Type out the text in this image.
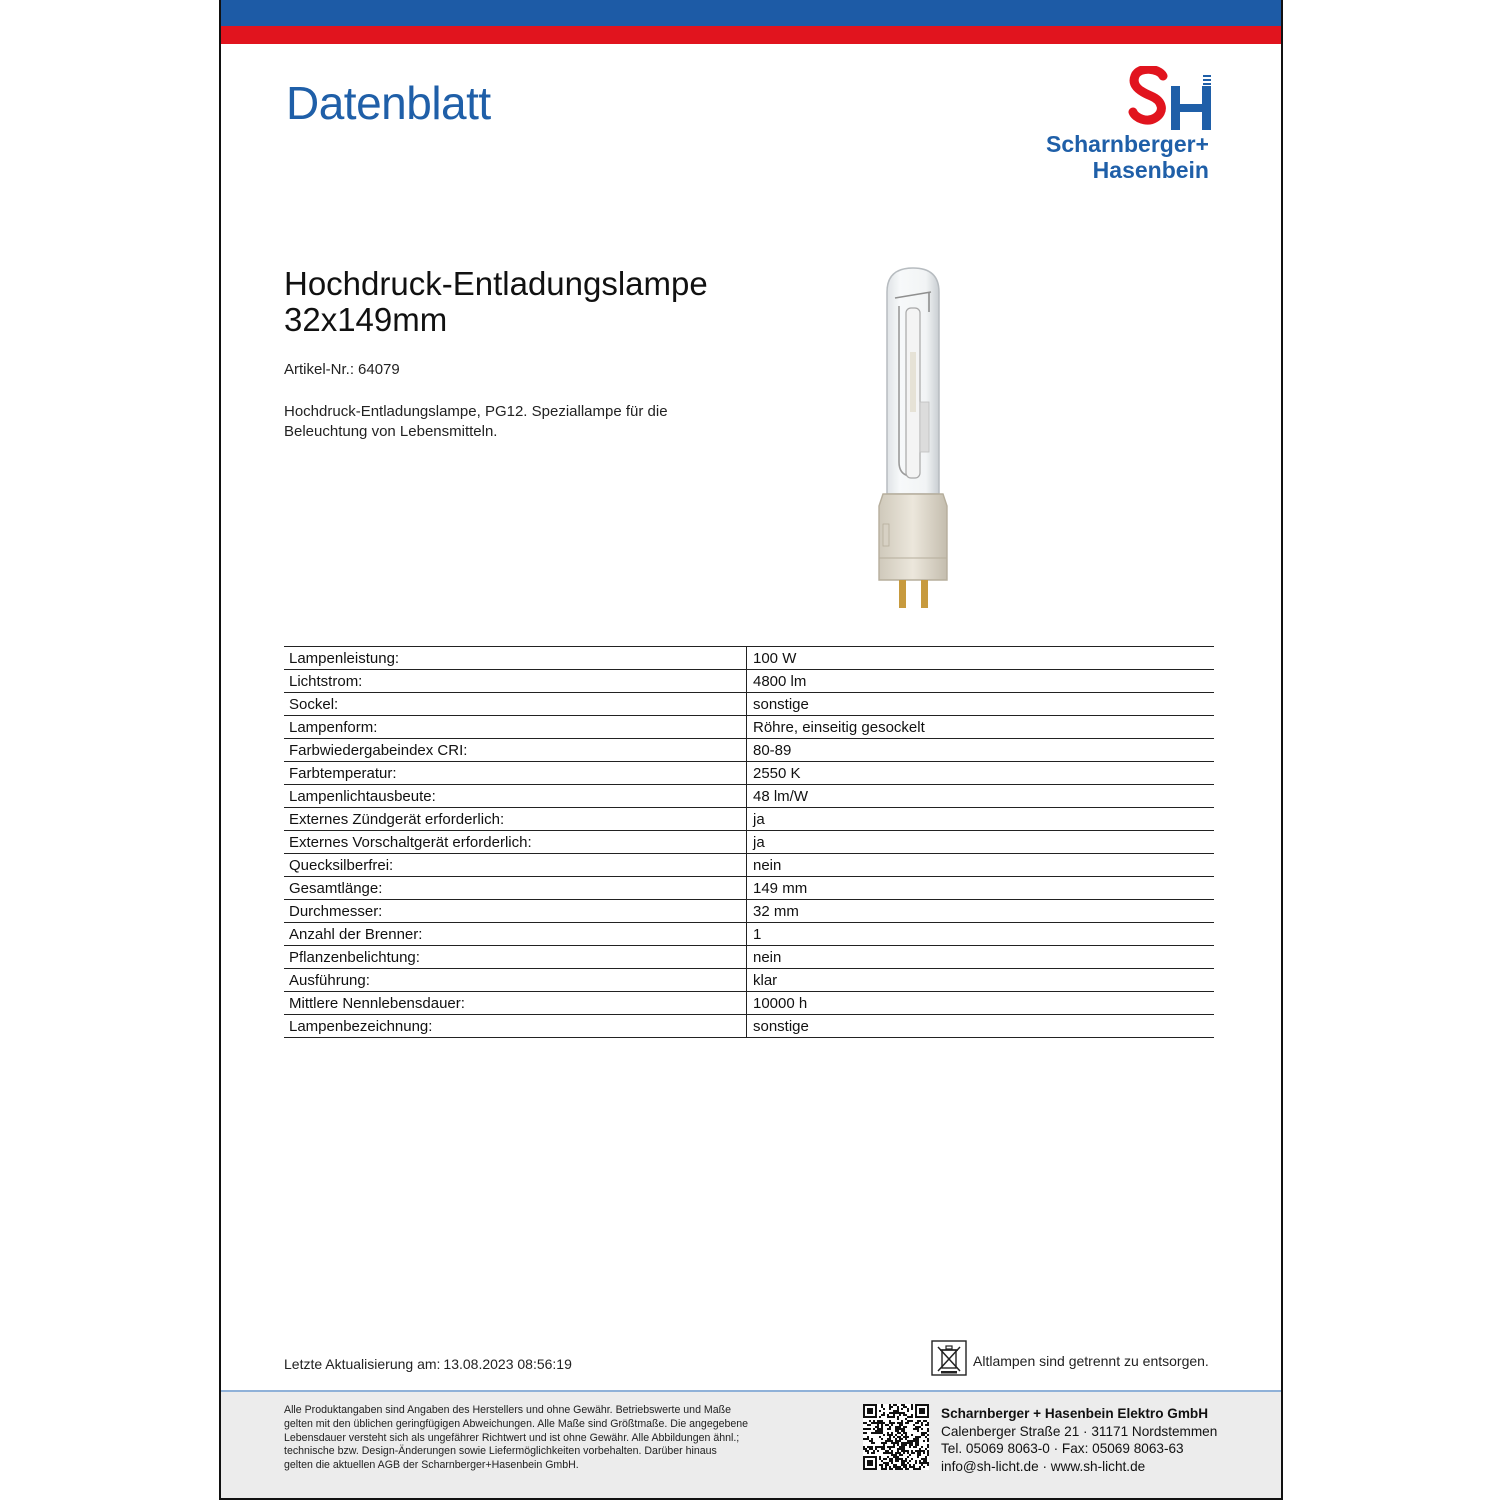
Datenblatt
Scharnberger+
Hasenbein
Hochdruck-Entladungslampe
32x149mm
Artikel-Nr.: 64079
Hochdruck-Entladungslampe, PG12. Speziallampe für die
Beleuchtung von Lebensmitteln.
Lampenleistung:	100 W
Lichtstrom:	4800 lm
Sockel:	sonstige
Lampenform:	Röhre, einseitig gesockelt
Farbwiedergabeindex CRI:	80-89
Farbtemperatur:	2550 K
Lampenlichtausbeute:	48 lm/W
Externes Zündgerät erforderlich:	ja
Externes Vorschaltgerät erforderlich:	ja
Quecksilberfrei:	nein
Gesamtlänge:	149 mm
Durchmesser:	32 mm
Anzahl der Brenner:	1
Pflanzenbelichtung:	nein
Ausführung:	klar
Mittlere Nennlebensdauer:	10000 h
Lampenbezeichnung:	sonstige
Letzte Aktualisierung am: 13.08.2023 08:56:19	Altlampen sind getrennt zu entsorgen.
Alle Produktangaben sind Angaben des Herstellers und ohne Gewähr. Betriebswerte und Maße
gelten mit den üblichen geringfügigen Abweichungen. Alle Maße sind Größtmaße. Die angegebene
Lebensdauer versteht sich als ungefährer Richtwert und ist ohne Gewähr. Alle Abbildungen ähnl.;
technische bzw. Design-Änderungen sowie Liefermöglichkeiten vorbehalten. Darüber hinaus
gelten die aktuellen AGB der Scharnberger+Hasenbein GmbH.
Scharnberger + Hasenbein Elektro GmbH
Calenberger Straße 21 · 31171 Nordstemmen
Tel. 05069 8063-0 · Fax: 05069 8063-63
info@sh-licht.de · www.sh-licht.de
